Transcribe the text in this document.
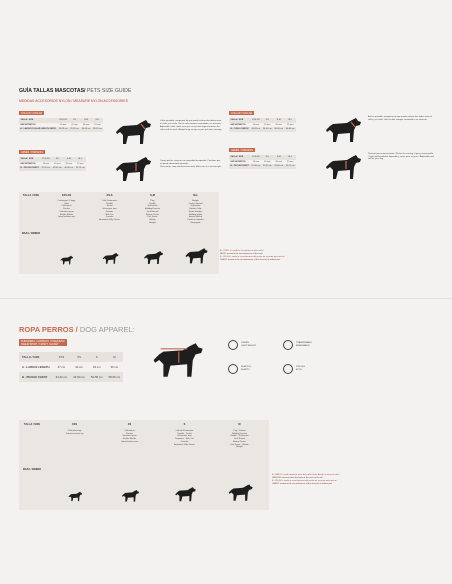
GUÍA TALLAS MASCOTAS/ PETS SIZE GUIDE
MEDIDAS ACCESORIOS NYLON / MEASURE NYLON ACCESSORIES
COLLAR / COLLAR
TALLA / SIZE	XXS-XS	XS	S-M	M-L
ANCHO/WIDTH	10 mm	15 mm	20 mm	25 mm
A - LARGO/COLLAR LENGTH NECK	18-28 cm	22-35 cm	30-45 cm	38-55 cm
ARNÉS / HARNESS
TALLA / SIZE	XXS-XS	XS	S-M	M-L
ANCHO/WIDTH	10 mm	15 mm	20 mm	25 mm
B - PECHO/CHEST	25-35 cm	30-45 cm	40-60 cm	50-75 cm
Collar ajustable, asegúrese de que pueda colocar dos dedos entre el collar y el cuello. Use el collar siempre controlado a su mascota.
Adjustable collar, make sure you can put two fingers between the collar and the neck. Always keep an eye on your pet when wearing.
Correa pecho, conectar con seguridad mosquetón. Cercióres que no quede demasiado ajustado.
Chest strap, snap connected securely. Make sure it is not too tight.
COLLAR / COLLAR
TALLA / SIZE	XXS-XS	XS	S-M	M-L
ANCHO/WIDTH	13 mm	15 mm	20 mm	25 mm
A - CUELLO/NECK	18-28 cm	24-40 cm	30-50 cm	40-60 cm
ARNÉS / HARNESS
TALLA / SIZE	XXS-XS	XS	S-M	M-L
ANCHO/WIDTH	13 mm	15 mm	20 mm	25 mm
B - PECHO/CHEST	25-35 cm	35-50 cm	45-60 cm	55-75 cm
Ancho ajustable, asegúrese de que pueda colocar dos dedos entre el collar y el cuello. Use el collar siempre controlado a su mascota.
Perfecto para entrenamiento / Perfect for training. Ligero y transpirable / Light and breathable. Ajustable y suave para su perro / Adjustable and soft for your dog.
TALLA / SIZE
RAZA / BREED
XXS-XS
Cockerpoo / Puppy
Gato
Chihuahua
Pincher
Yorkshire terrier
Bichón Maltés
Lebrel italiano mini
XS-S
Lulú Pomerania
Poodle
Teckel
Schnauzer mini
Pekinés
Shih Tzu
Caniche
Australian Silky Terrier
S-M
Pug
Poodle
Schnauzer
Bulldog Francés
Jack Russell
Boston Terrier
Fox Terrier
Westie
Beagle
M-L
Beagle
Cocker Spaniel
Schnauzer
Border Collie
Setter Irlandés
Bulldog Inglés
Basset Hound
Caniche estándar
Samoyedo
A - CUELLO: medir la circunferencia del cuello /
NECK: measure the circumference of the neck
B - PECHO: medir la circunferencia del pecho en su parte más ancha /
CHEST: measure the circumference of the chest at its widest part
ROPA PERROS / DOG APPAREL:
SUDADERA, CAMISETA, CHAQUETA/
SWEATSHIRT, T-SHIRT, JACKET
TALLA / SIZE	XXS	XS	S	M
A - LARGO/ LENGTH	27 cm	30 cm	33 cm	36 cm
B - PECHO/ CHEST	34-42 cm	42-50 cm	50-58 cm	58-66 cm
LIGERA
LIGHT WEIGHT
TRANSPIRABLE
BREATHABLE
ELÁSTICO
ELASTIC
STRONG
BOTH
TALLA / SIZE
RAZA / BREED
XXS
Chihuahua toy
Yorkshire terrier toy
XS
Chihuahua
Pincher
Yorkshire terrier
Bichón Maltés
Lebrel italiano mini
S
Lulú de Pomerania
Poodle · Teckel
Schnauzer mini
Pequinés · Shih Tzu
Caniche
Australian Silky Terrier
M
Pug / Carlino
Bulldog Francés
Poodle · Schnauzer
Jack Russel
Boston Terrier
Fox Terrier · Westie
Beagle
A - LARGO: medir desde la base del cuello hasta donde se inicia el rabo /
LENGTH: measure from the base of the neck to the tail
B - PECHO: medir la circunferencia del pecho en su parte más ancha /
CHEST: measure the circumference of the chest at its widest part
